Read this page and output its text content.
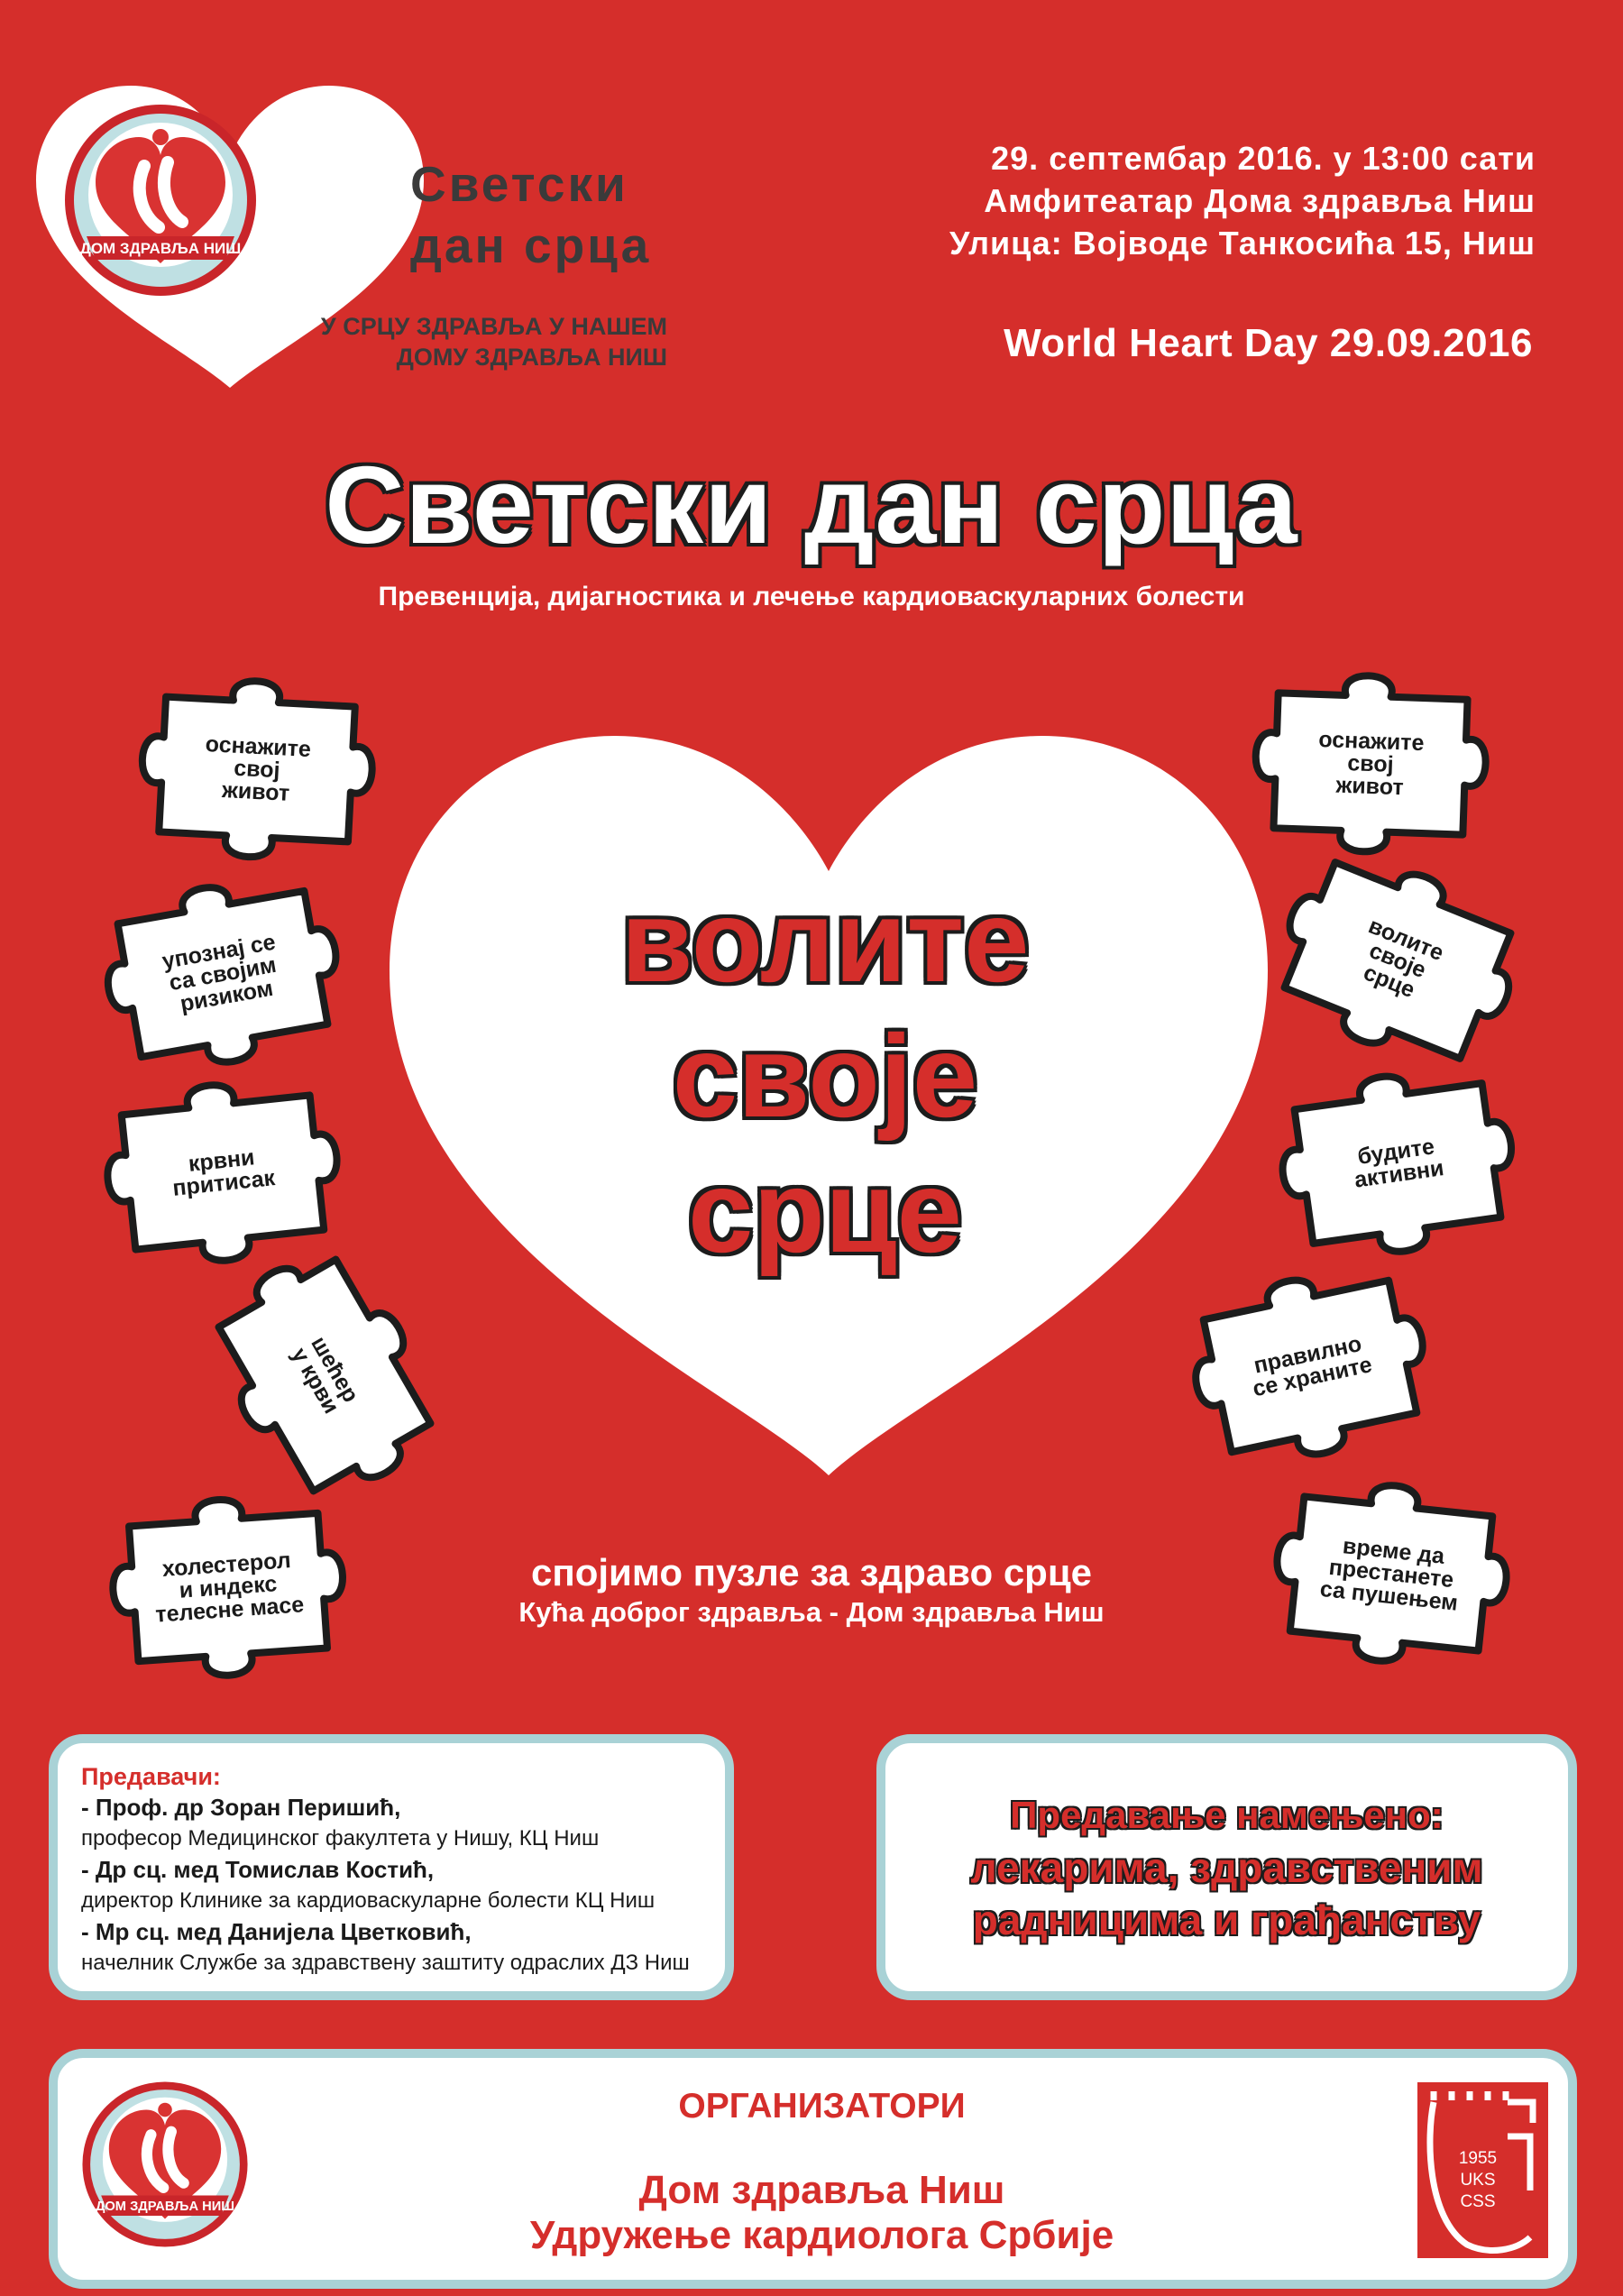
ДОМ ЗДРАВЉА НИШ
Светски
дан срца
У СРЦУ ЗДРАВЉА У НАШЕМ
ДОМУ ЗДРАВЉА НИШ
29. септембар 2016. у 13:00 сати
Амфитеатар Дома здравља Ниш
Улица: Војводе Танкосића 15, Ниш
World Heart Day 29.09.2016
Светски дан срца
Превенција, дијагностика и лечење кардиоваскуларних болести
волите
своје
срце
оснажите
свој
живот
упознај се
са својим
ризиком
крвни
притисак
шећер
у крви
холестерол
и индекс
телесне масе
оснажите
свој
живот
волите
своје
срце
будите
активни
правилно
се храните
време да
престанете
са пушењем
спојимо пузле за здраво срце
Кућа доброг здравља - Дом здравља Ниш
Предавачи:
- Проф. др Зоран Перишић,
професор Медицинског факултета у Нишу, КЦ Ниш
- Др сц. мед Томислав Костић,
директор Клинике за кардиоваскуларне болести КЦ Ниш
- Мр сц. мед Данијела Цветковић,
начелник Службе за здравствену заштиту одраслих ДЗ Ниш
Предавање намењено:
лекарима, здравственим
радницима и грађанству
ОРГАНИЗАТОРИ
Дом здравља Ниш
Удружење кардиолога Србије
1955
UKS
CSS
ДОМ ЗДРАВЉА НИШ
